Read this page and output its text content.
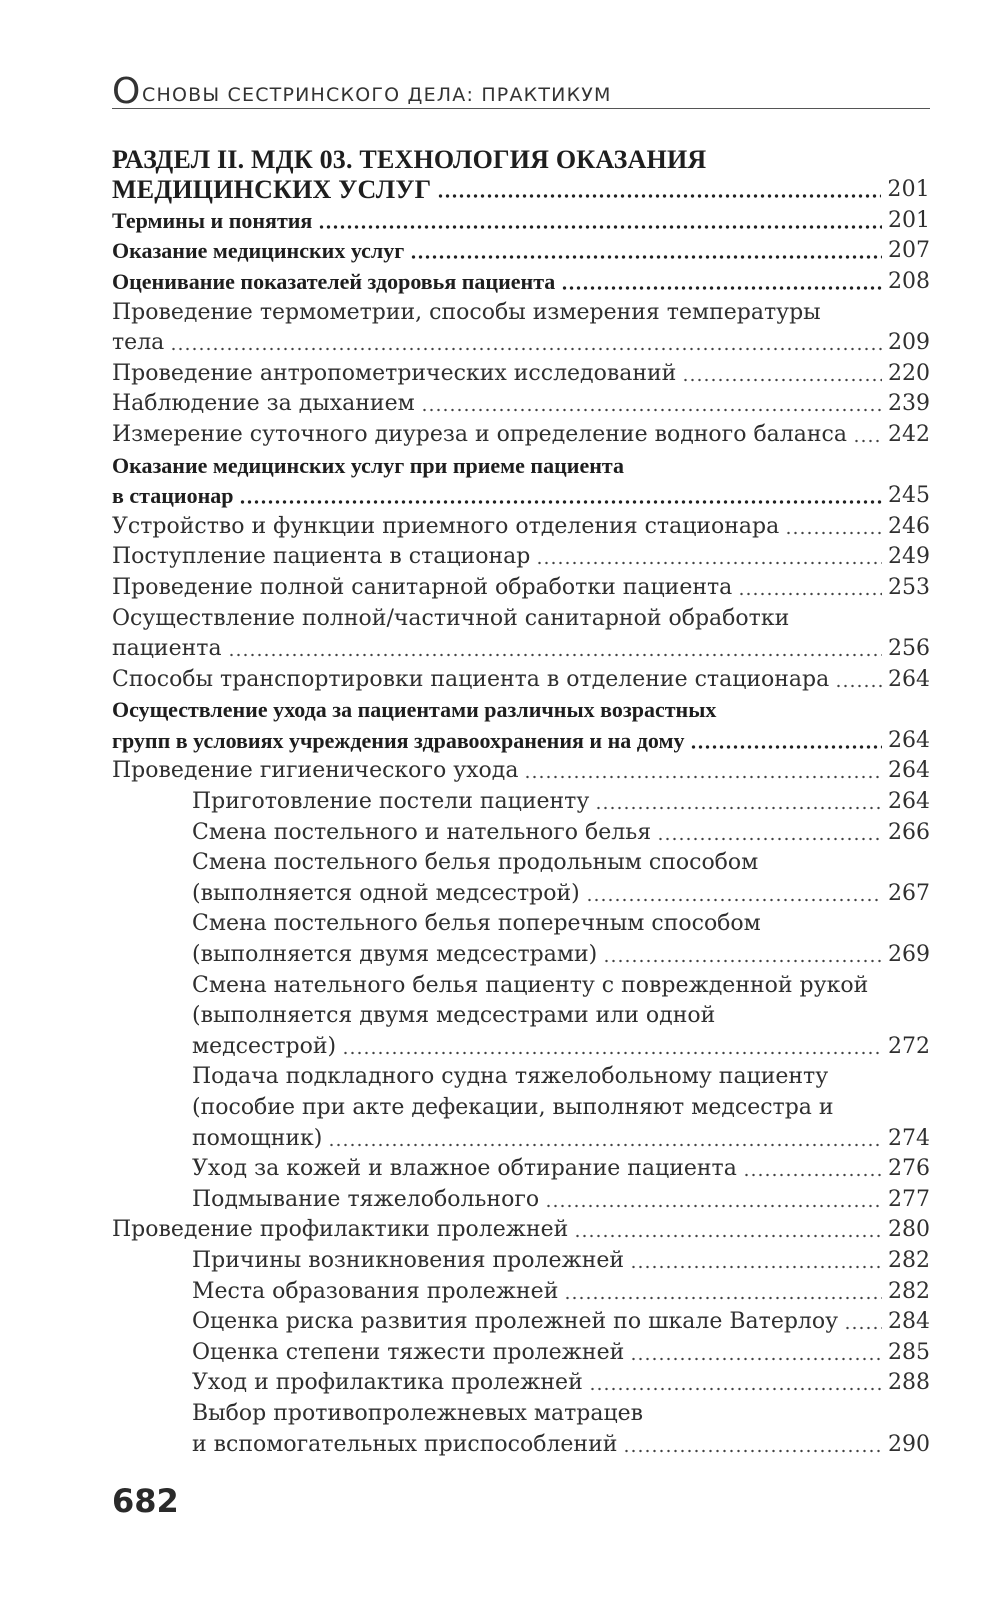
О СНОВЫ СЕСТРИНСКОГО ДЕЛА: ПРАКТИКУМ
РАЗДЕЛ II. МДК 03. ТЕХНОЛОГИЯ ОКАЗАНИЯ
МЕДИЦИНСКИХ УСЛУГ	201
Термины и понятия	201
Оказание медицинских услуг	207
Оценивание показателей здоровья пациента	208
Проведение термометрии, способы измерения температуры
тела	209
Проведение антропометрических исследований	220
Наблюдение за дыханием	239
Измерение суточного диуреза и определение водного баланса 242
Оказание медицинских услуг при приеме пациента
в стационар	245
Устройство и функции приемного отделения стационара	246
Поступление пациента в стационар	249
Проведение полной санитарной обработки пациента	253
Осуществление полной/частичной санитарной обработки
пациента	256
Способы транспортировки пациента в отделение стационара	264
Осуществление ухода за пациентами различных возрастных
групп в условиях учреждения здравоохранения и на дому	264
Проведение гигиенического ухода	264
Приготовление постели пациенту	264
Смена постельного и нательного белья	266
Смена постельного белья продольным способом
(выполняется одной медсестрой)	267
Смена постельного белья поперечным способом
(выполняется двумя медсестрами)	269
Смена нательного белья пациенту с поврежденной рукой
(выполняется двумя медсестрами или одной
медсестрой)	272
Подача подкладного судна тяжелобольному пациенту
(пособие при акте дефекации, выполняют медсестра и
помощник)	274
Уход за кожей и влажное обтирание пациента	276
Подмывание тяжелобольного	277
Проведение профилактики пролежней	280
Причины возникновения пролежней	282
Места образования пролежней	282
Оценка риска развития пролежней по шкале Ватерлоу 284
Оценка степени тяжести пролежней	285
Уход и профилактика пролежней	288
Выбор противопролежневых матрацев
и вспомогательных приспособлений	290
682
